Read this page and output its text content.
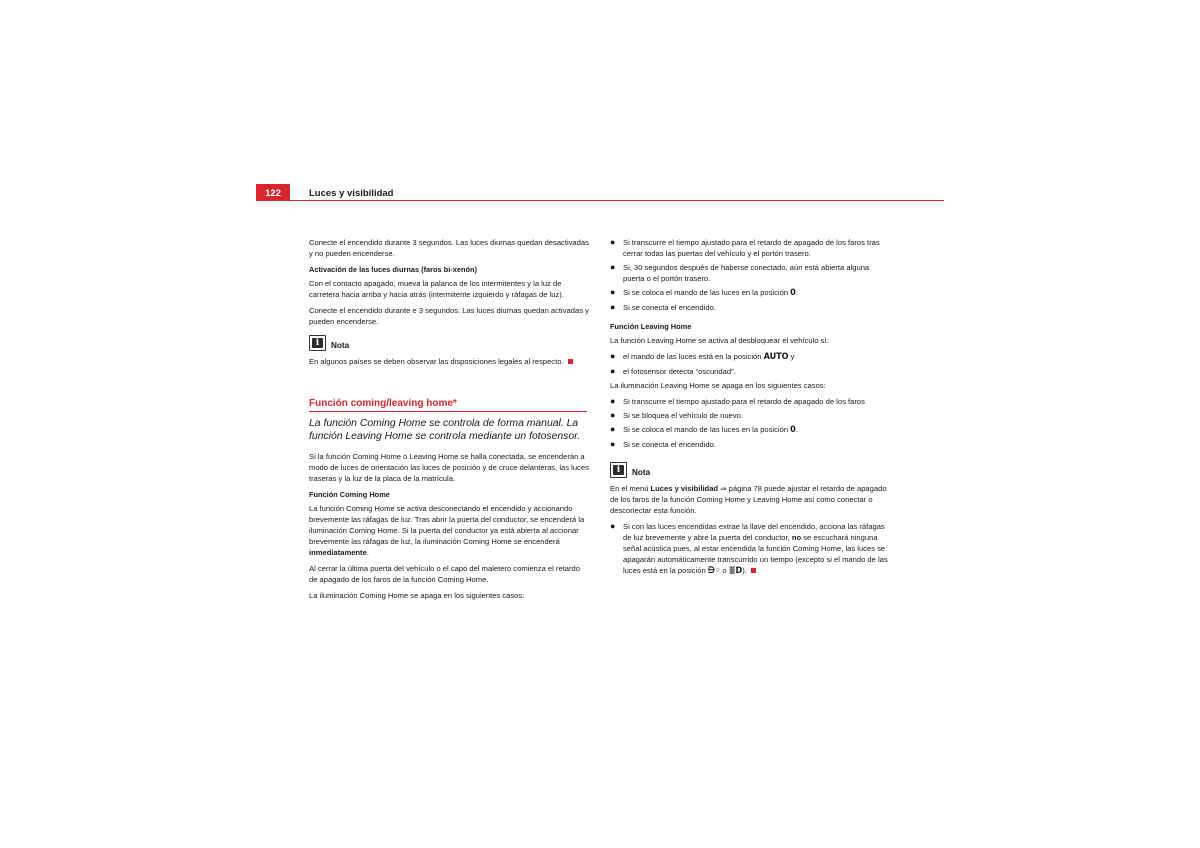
122	Luces y visibilidad

Conecte el encendido durante 3 segundos. Las luces diurnas quedan desactivadas y no pueden encenderse.

Activación de las luces diurnas (faros bi-xenón)

Con el contacto apagado, mueva la palanca de los intermitentes y la luz de carretera hacia arriba y hacia atrás (intermitente izquierdo y ráfagas de luz).

Conecte el encendido durante e 3 segundos. Las luces diurnas quedan activadas y pueden encenderse.

i	Nota

En algunos países se deben observar las disposiciones legales al respecto.

Función coming/leaving home*

La función Coming Home se controla de forma manual. La función Leaving Home se controla mediante un fotosensor.

Si la función Coming Home o Leaving Home se halla conectada, se encenderán a modo de luces de orientación las luces de posición y de cruce delanteras, las luces traseras y la luz de la placa de la matrícula.

Función Coming Home

La función Coming Home se activa desconectando el encendido y accionando brevemente las ráfagas de luz. Tras abrir la puerta del conductor, se encenderá la iluminación Coming Home. Si la puerta del conductor ya está abierta al accionar brevemente las ráfagas de luz, la iluminación Coming Home se encenderá inmediatamente.

Al cerrar la última puerta del vehículo o el capó del maletero comienza el retardo de apagado de los faros de la función Coming Home.

La iluminación Coming Home se apaga en los siguientes casos:

● Si transcurre el tiempo ajustado para el retardo de apagado de los faros tras cerrar todas las puertas del vehículo y el portón trasero.
● Si, 30 segundos después de haberse conectado, aún está abierta alguna puerta o el portón trasero.
● Si se coloca el mando de las luces en la posición 0.
● Si se conecta el encendido.

Función Leaving Home

La función Leaving Home se activa al desbloquear el vehículo si:

● el mando de las luces está en la posición AUTO y
● el fotosensor detecta “oscuridad”.

La iluminación Leaving Home se apaga en los siguientes casos:

● Si transcurre el tiempo ajustado para el retardo de apagado de los faros
● Si se bloquea el vehículo de nuevo.
● Si se coloca el mando de las luces en la posición 0.
● Si se conecta el encendido.
i	Nota

En el menú Luces y visibilidad ⇒ página 78 puede ajustar el retardo de apagado de los faros de la función Coming Home y Leaving Home así como conectar o desconectar esta función.

● Si con las luces encendidas extrae la llave del encendido, acciona las ráfagas de luz brevemente y abre la puerta del conductor, no se escuchará ninguna señal acústica pues, al estar encendida la función Coming Home, las luces se apagarán automáticamente transcurrido un tiempo (excepto si el mando de las luces está en la posición ⋻◦ o ≣D).
